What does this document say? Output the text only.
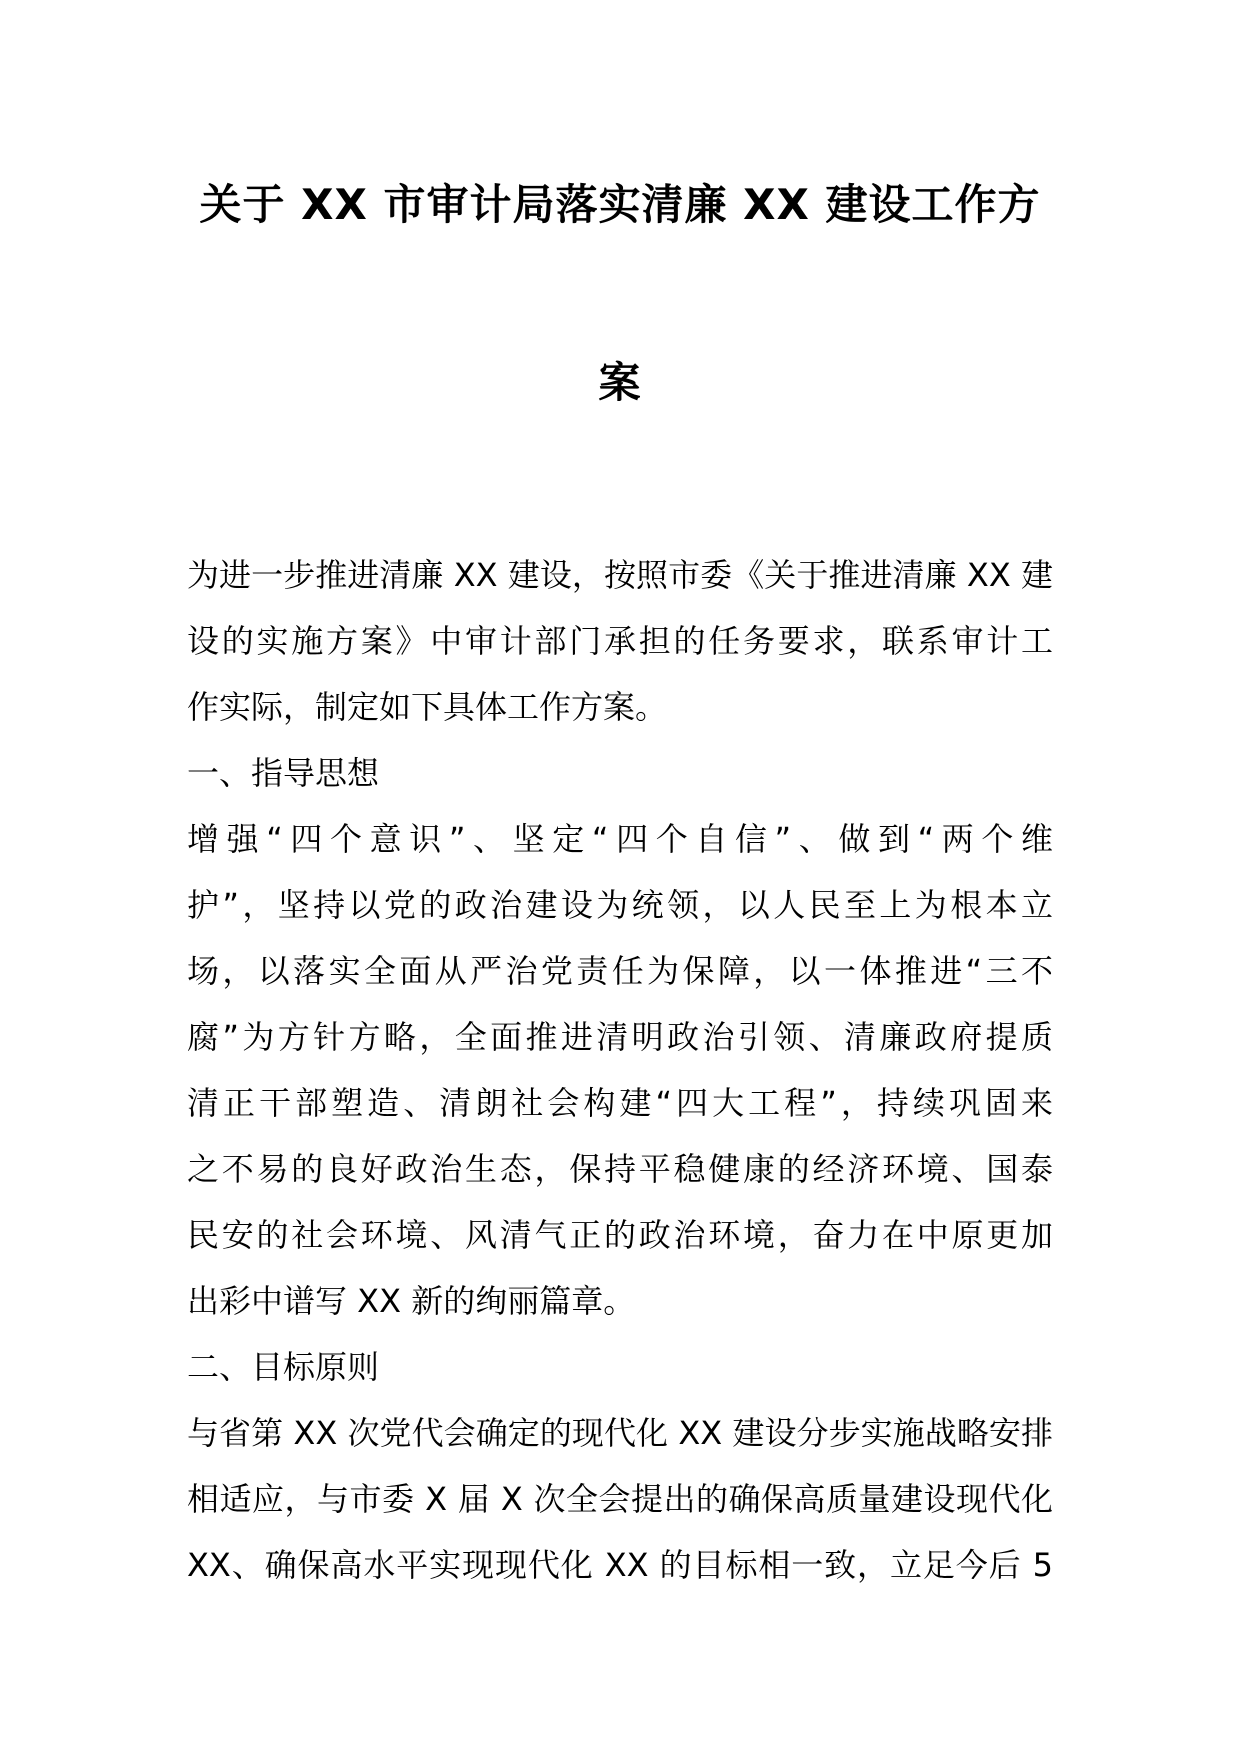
关于 XX 市审计局落实清廉 XX 建设工作方
案
为进一步推进清廉 XX 建设，按照市委《关于推进清廉 XX 建
设的实施方案》中审计部门承担的任务要求，联系审计工
作实际，制定如下具体工作方案。
一、指导思想
增强“四个意识”、坚定“四个自信”、做到“两个维
护”，坚持以党的政治建设为统领，以人民至上为根本立
场，以落实全面从严治党责任为保障，以一体推进“三不
腐”为方针方略，全面推进清明政治引领、清廉政府提质
清正干部塑造、清朗社会构建“四大工程”，持续巩固来
之不易的良好政治生态，保持平稳健康的经济环境、国泰
民安的社会环境、风清气正的政治环境，奋力在中原更加
出彩中谱写 XX 新的绚丽篇章。
二、目标原则
与省第 XX 次党代会确定的现代化 XX 建设分步实施战略安排
相适应，与市委 X 届 X 次全会提出的确保高质量建设现代化
XX、确保高水平实现现代化 XX 的目标相一致，立足今后 5
